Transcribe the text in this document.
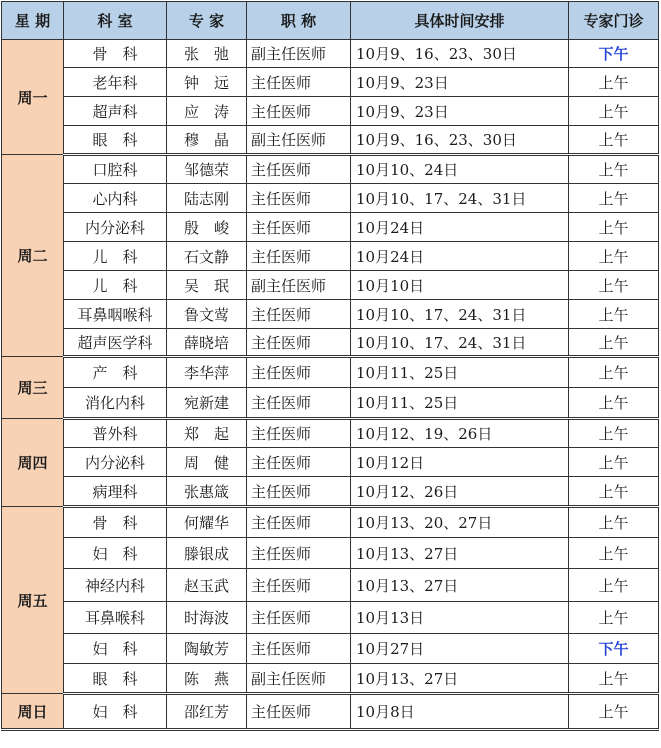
星 期	科 室	专 家	职 称	具体时间安排	专家门诊
周一	骨　科	张　弛	副主任医师	10月9、16、23、30日	下午
	老年科	钟　远	主任医师	10月9、23日	上午
	超声科	应　涛	主任医师	10月9、23日	上午
	眼　科	穆　晶	副主任医师	10月9、16、23、30日	上午
周二	口腔科	邹德荣	主任医师	10月10、24日	上午
	心内科	陆志刚	主任医师	10月10、17、24、31日	上午
	内分泌科	殷　峻	主任医师	10月24日	上午
	儿　科	石文静	主任医师	10月24日	上午
	儿　科	吴　珉	副主任医师	10月10日	上午
	耳鼻咽喉科	鲁文莺	主任医师	10月10、17、24、31日	上午
	超声医学科	薛晓培	主任医师	10月10、17、24、31日	上午
周三	产　科	李华萍	主任医师	10月11、25日	上午
	消化内科	宛新建	主任医师	10月11、25日	上午
周四	普外科	郑　起	主任医师	10月12、19、26日	上午
	内分泌科	周　健	主任医师	10月12日	上午
	病理科	张惠箴	主任医师	10月12、26日	上午
周五	骨　科	何耀华	主任医师	10月13、20、27日	上午
	妇　科	滕银成	主任医师	10月13、27日	上午
	神经内科	赵玉武	主任医师	10月13、27日	上午
	耳鼻喉科	时海波	主任医师	10月13日	上午
	妇　科	陶敏芳	主任医师	10月27日	下午
	眼　科	陈　燕	副主任医师	10月13、27日	上午
周日	妇　科	邵红芳	主任医师	10月8日	上午
